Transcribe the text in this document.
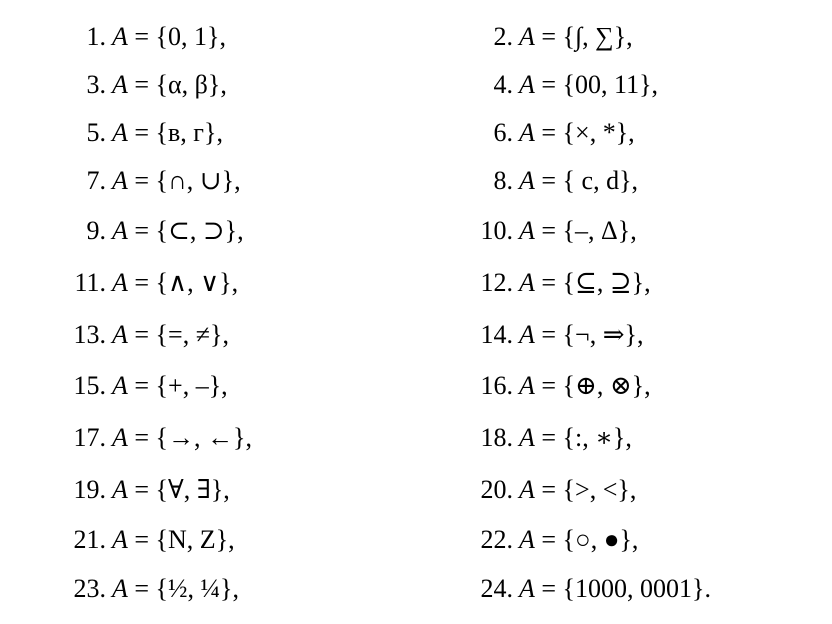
1. A = {0, 1},	2. A = {∫, ∑},
3. A = {α, β},	4. A = {00, 11},
5. A = {в, г},	6. A = {×, *},
7. A = {∩, ∪},	8. A = { c, d},
9. A = {⊂, ⊃},	10. A = {–, Δ},
11. A = {∧, ∨},	12. A = {⊆, ⊇},
13. A = {=, ≠},	14. A = {¬, ⇒},
15. A = {+, –},	16. A = {⊕, ⊗},
17. A = {→, ←},	18. A = {:, ∗},
19. A = {∀, ∃},	20. A = {>, <},
21. A = {N, Z},	22. A = {○, ●},
23. A = {½, ¼},	24. A = {1000, 0001}.
